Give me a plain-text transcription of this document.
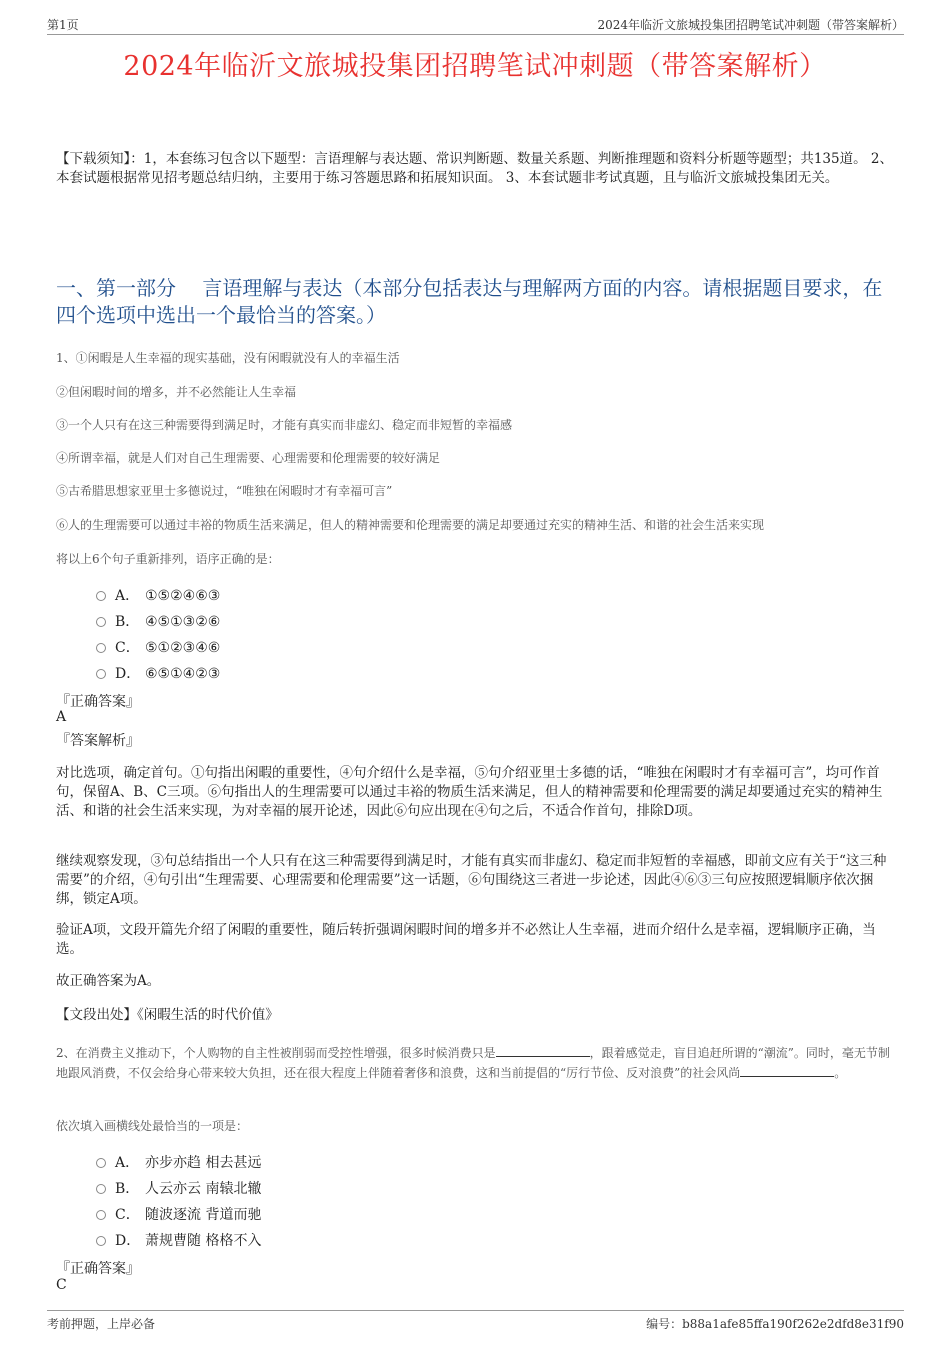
第1页	2024年临沂文旅城投集团招聘笔试冲刺题（带答案解析）
2024年临沂文旅城投集团招聘笔试冲刺题（带答案解析）
【下载须知】：1，本套练习包含以下题型：言语理解与表达题、常识判断题、数量关系题、判断推理题和资料分析题等题型；共135道。 2、本套试题根据常见招考题总结归纳，主要用于练习答题思路和拓展知识面。 3、本套试题非考试真题，且与临沂文旅城投集团无关。
一、第一部分　 言语理解与表达（本部分包括表达与理解两方面的内容。请根据题目要求，在四个选项中选出一个最恰当的答案。）
1、①闲暇是人生幸福的现实基础，没有闲暇就没有人的幸福生活
②但闲暇时间的增多，并不必然能让人生幸福
③一个人只有在这三种需要得到满足时，才能有真实而非虚幻、稳定而非短暂的幸福感
④所谓幸福，就是人们对自己生理需要、心理需要和伦理需要的较好满足
⑤古希腊思想家亚里士多德说过，“唯独在闲暇时才有幸福可言”
⑥人的生理需要可以通过丰裕的物质生活来满足，但人的精神需要和伦理需要的满足却要通过充实的精神生活、和谐的社会生活来实现
将以上6个句子重新排列，语序正确的是：
A． ①⑤②④⑥③
B． ④⑤①③②⑥
C． ⑤①②③④⑥
D． ⑥⑤①④②③
『正确答案』
A
『答案解析』
对比选项，确定首句。①句指出闲暇的重要性，④句介绍什么是幸福，⑤句介绍亚里士多德的话，“唯独在闲暇时才有幸福可言”，均可作首句，保留A、B、C三项。⑥句指出人的生理需要可以通过丰裕的物质生活来满足，但人的精神需要和伦理需要的满足却要通过充实的精神生活、和谐的社会生活来实现，为对幸福的展开论述，因此⑥句应出现在④句之后，不适合作首句，排除D项。
继续观察发现，③句总结指出一个人只有在这三种需要得到满足时，才能有真实而非虚幻、稳定而非短暂的幸福感，即前文应有关于“这三种需要”的介绍，④句引出“生理需要、心理需要和伦理需要”这一话题，⑥句围绕这三者进一步论述，因此④⑥③三句应按照逻辑顺序依次捆绑，锁定A项。
验证A项，文段开篇先介绍了闲暇的重要性，随后转折强调闲暇时间的增多并不必然让人生幸福，进而介绍什么是幸福，逻辑顺序正确，当选。
故正确答案为A。
【文段出处】《闲暇生活的时代价值》
2、在消费主义推动下，个人购物的自主性被削弱而受控性增强，很多时候消费只是	，跟着感觉走，盲目追赶所谓的“潮流”。同时，毫无节制地跟风消费，不仅会给身心带来较大负担，还在很大程度上伴随着奢侈和浪费，这和当前提倡的“厉行节俭、反对浪费”的社会风尚	。
依次填入画横线处最恰当的一项是：
A． 亦步亦趋 相去甚远
B． 人云亦云 南辕北辙
C． 随波逐流 背道而驰
D． 萧规曹随 格格不入
『正确答案』
C
考前押题，上岸必备	编号：b88a1afe85ffa190f262e2dfd8e31f90
